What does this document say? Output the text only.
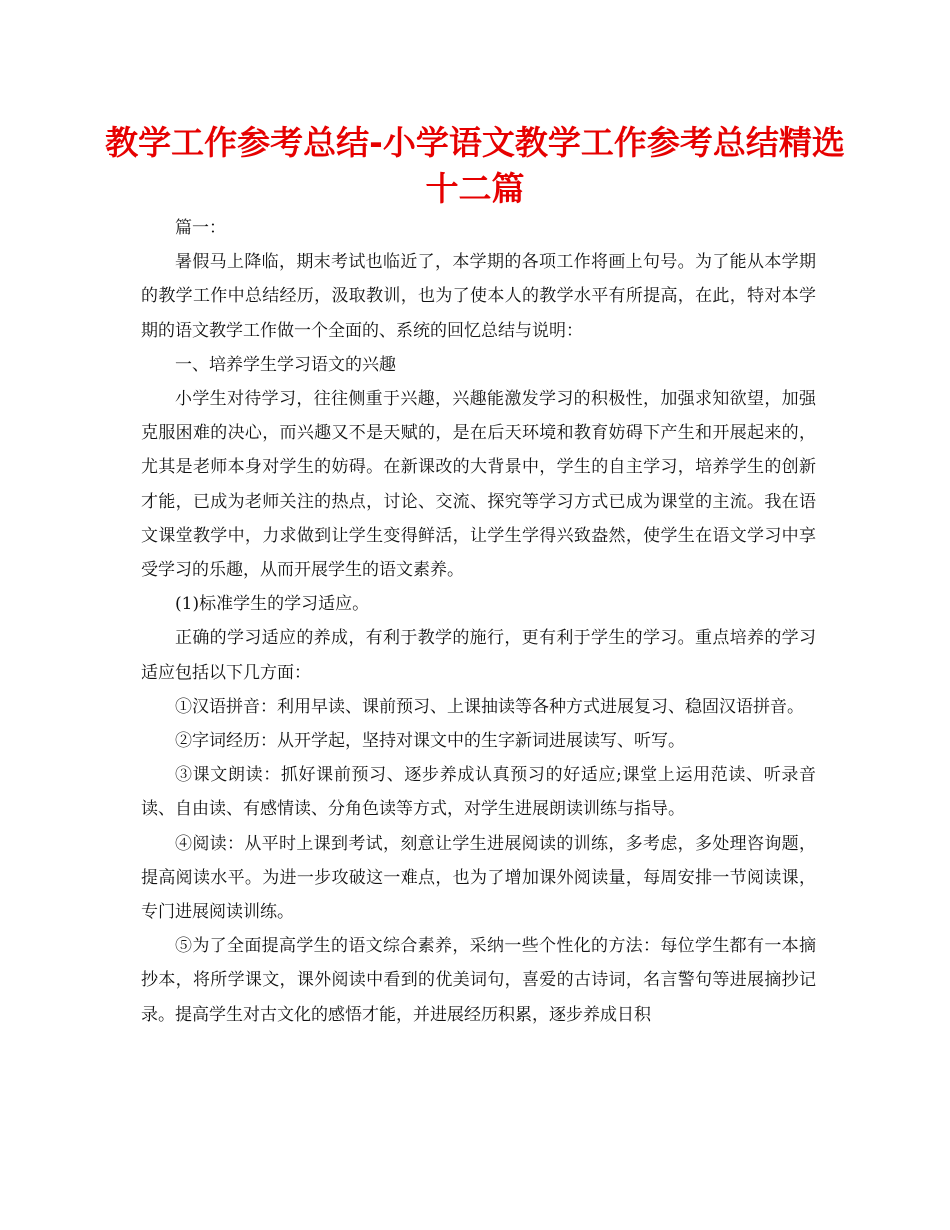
教学工作参考总结-小学语文教学工作参考总结精选十二篇

篇一：

暑假马上降临，期末考试也临近了，本学期的各项工作将画上句号。为了能从本学期的教学工作中总结经历，汲取教训，也为了使本人的教学水平有所提高，在此，特对本学期的语文教学工作做一个全面的、系统的回忆总结与说明：

一、培养学生学习语文的兴趣

小学生对待学习，往往侧重于兴趣，兴趣能激发学习的积极性，加强求知欲望，加强克服困难的决心，而兴趣又不是天赋的，是在后天环境和教育妨碍下产生和开展起来的，尤其是老师本身对学生的妨碍。在新课改的大背景中，学生的自主学习，培养学生的创新才能，已成为老师关注的热点，讨论、交流、探究等学习方式已成为课堂的主流。我在语文课堂教学中，力求做到让学生变得鲜活，让学生学得兴致盎然，使学生在语文学习中享受学习的乐趣，从而开展学生的语文素养。

(1)标准学生的学习适应。

正确的学习适应的养成，有利于教学的施行，更有利于学生的学习。重点培养的学习适应包括以下几方面：

①汉语拼音：利用早读、课前预习、上课抽读等各种方式进展复习、稳固汉语拼音。

②字词经历：从开学起，坚持对课文中的生字新词进展读写、听写。

③课文朗读：抓好课前预习、逐步养成认真预习的好适应;课堂上运用范读、听录音读、自由读、有感情读、分角色读等方式，对学生进展朗读训练与指导。

④阅读：从平时上课到考试，刻意让学生进展阅读的训练，多考虑，多处理咨询题，提高阅读水平。为进一步攻破这一难点，也为了增加课外阅读量，每周安排一节阅读课，专门进展阅读训练。

⑤为了全面提高学生的语文综合素养，采纳一些个性化的方法：每位学生都有一本摘抄本，将所学课文，课外阅读中看到的优美词句，喜爱的古诗词，名言警句等进展摘抄记录。提高学生对古文化的感悟才能，并进展经历积累，逐步养成日积
